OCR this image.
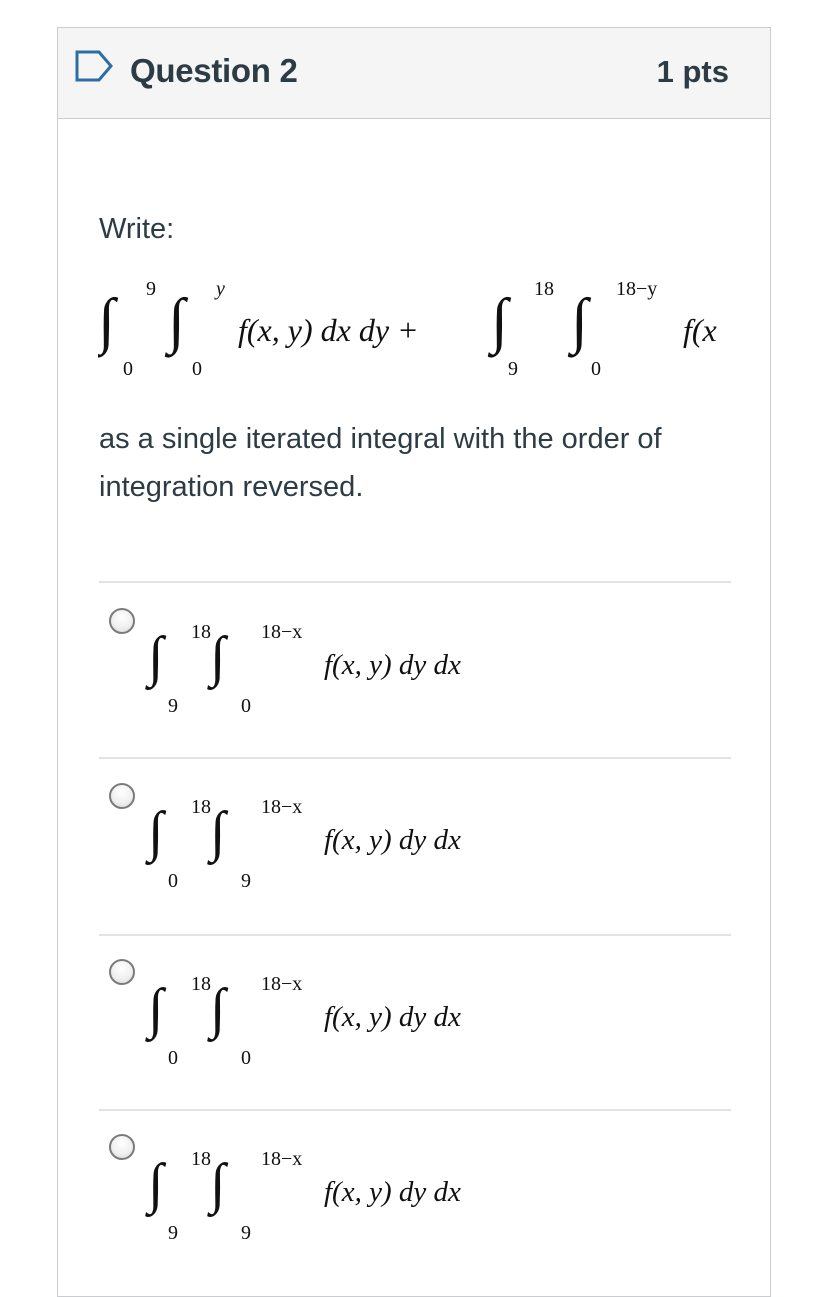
Question 2	1 pts
Write:
∫ 9
0
∫ y
0
f(x, y) dx dy + ∫ 18
9
∫ 18−y
0
f(x
as a single iterated integral with the order of integration reversed.
∫ 18
9
∫ 18−x
0
f(x, y) dy dx
∫ 18
0
∫ 18−x
9
f(x, y) dy dx
∫ 18
0
∫ 18−x
0
f(x, y) dy dx
∫ 18
9
∫ 18−x
9
f(x, y) dy dx
